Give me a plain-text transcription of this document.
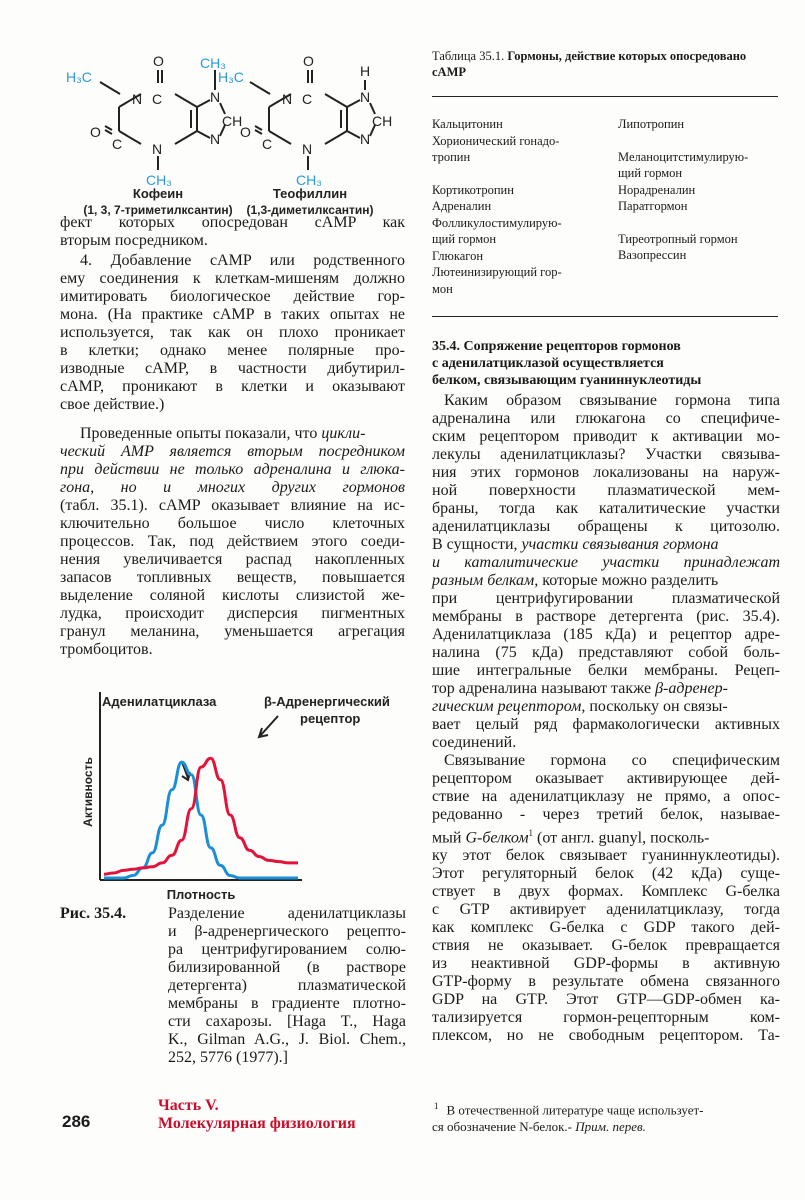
O
C
N
C
O
N
N
CH
N
H₃C
CH₃
CH₃
O
C
N
C
O
N
H
N
CH
N
H₃C
CH₃
Кофеин
(1, 3, 7-триметилксантин)
Теофиллин
(1,3-диметилксантин)
фект которых опосредован cAMP как
вторым посредником.
4. Добавление cAMP или родственного
ему соединения к клеткам-мишеням должно
имитировать биологическое действие гор-
мона. (На практике cAMP в таких опытах не
используется, так как он плохо проникает
в клетки; однако менее полярные про-
изводные cAMP, в частности дибутирил-
cAMP, проникают в клетки и оказывают
свое действие.)
Проведенные опыты показали, что цикли-
ческий AMP является вторым посредником
при действии не только адреналина и глюка-
гона, но и многих других гормонов
(табл. 35.1). cAMP оказывает влияние на ис-
ключительно большое число клеточных
процессов. Так, под действием этого соеди-
нения увеличивается распад накопленных
запасов топливных веществ, повышается
выделение соляной кислоты слизистой же-
лудка, происходит дисперсия пигментных
гранул меланина, уменьшается агрегация
тромбоцитов.
Активность
Плотность
Аденилатциклаза	β-Адренергический
рецептор
Рис. 35.4.	Разделение аденилатциклазы
и β-адренергического рецепто-
ра центрифугированием солю-
билизированной (в растворе
детергента) плазматической
мембраны в градиенте плотно-
сти сахарозы. [Haga T., Haga
K., Gilman A.G., J. Biol. Chem.,
252, 5776 (1977).]
286
Часть V.
Молекулярная физиология
Таблица 35.1. Гормоны, действие которых опосредовано
cAMP
Кальцитонин
Хорионический гонадо-
тропин
Кортикотропин
Адреналин
Фолликулостимулирую-
щий гормон
Глюкагон
Лютеинизирующий гор-
мон
Липотропин
Меланоцитстимулирую-
щий гормон
Норадреналин
Паратгормон
Тиреотропный гормон
Вазопрессин
35.4. Сопряжение рецепторов гормонов
с аденилатциклазой осуществляется
белком, связывающим гуаниннуклеотиды
Каким образом связывание гормона типа
адреналина или глюкагона со специфиче-
ским рецептором приводит к активации мо-
лекулы аденилатциклазы? Участки связыва-
ния этих гормонов локализованы на наруж-
ной поверхности плазматической мем-
браны, тогда как каталитические участки
аденилатциклазы обращены к цитозолю.
В сущности, участки связывания гормона
и каталитические участки принадлежат
разным белкам, которые можно разделить
при центрифугировании плазматической
мембраны в растворе детергента (рис. 35.4).
Аденилатциклаза (185 кДа) и рецептор адре-
налина (75 кДа) представляют собой боль-
шие интегральные белки мембраны. Рецеп-
тор адреналина называют также β-адренер-
гическим рецептором, поскольку он связы-
вает целый ряд фармакологически активных
соединений.
Связывание гормона со специфическим
рецептором оказывает активирующее дей-
ствие на аденилатциклазу не прямо, а опос-
редованно - через третий белок, называе-
мый G-белком$^1$ (от англ. guanyl, посколь-
ку этот белок связывает гуаниннуклеотиды).
Этот регуляторный белок (42 кДа) суще-
ствует в двух формах. Комплекс G-белка
с GTP активирует аденилатциклазу, тогда
как комплекс G-белка с GDP такого дей-
ствия не оказывает. G-белок превращается
из неактивной GDP-формы в активную
GTP-форму в результате обмена связанного
GDP на GTP. Этот GTP—GDP-обмен ка-
тализируется гормон-рецепторным ком-
плексом, но не свободным рецептором. Та-
$^1$ В отечественной литературе чаще использует-
ся обозначение N-белок.- Прим. перев.
